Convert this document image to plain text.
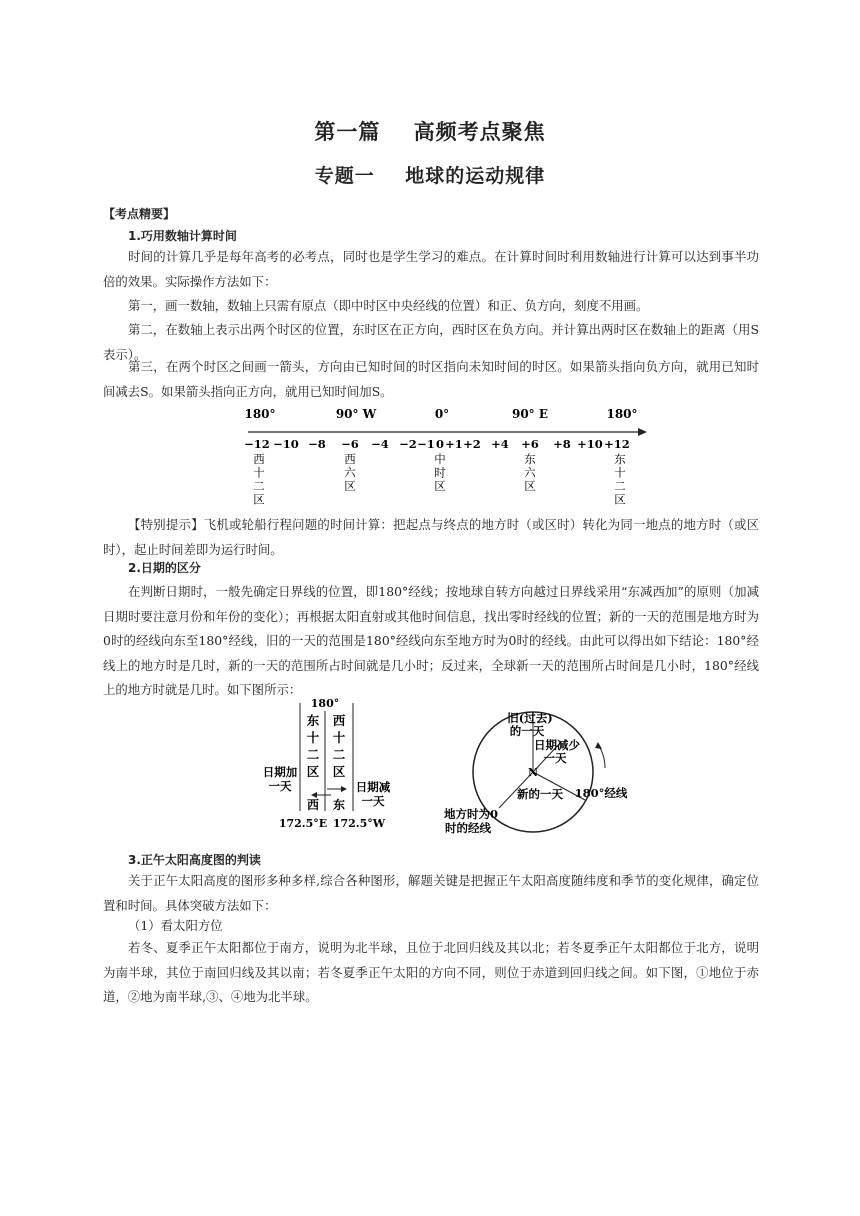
第一篇    高频考点聚焦
专题一    地球的运动规律
【考点精要】
1.巧用数轴计算时间
时间的计算几乎是每年高考的必考点，同时也是学生学习的难点。在计算时间时利用数轴进行计算可以达到事半功倍的效果。实际操作方法如下：
第一，画一数轴，数轴上只需有原点（即中时区中央经线的位置）和正、负方向，刻度不用画。
第二，在数轴上表示出两个时区的位置，东时区在正方向，西时区在负方向。并计算出两时区在数轴上的距离（用S表示）。
第三，在两个时区之间画一箭头，方向由已知时间的时区指向未知时间的时区。如果箭头指向负方向，就用已知时间减去S。如果箭头指向正方向，就用已知时间加S。
180°	90° W	0°	90° E	180°
−12 −10 −8 −6 −4 −2 −1 0 +1 +2 +4 +6 +8 +10 +12
西
十
二
区
西
六
区
中
时
区
东
六
区
东
十
二
区
【特别提示】飞机或轮船行程问题的时间计算：把起点与终点的地方时（或区时）转化为同一地点的地方时（或区时），起止时间差即为运行时间。
2.日期的区分
在判断日期时，一般先确定日界线的位置，即180°经线；按地球自转方向越过日界线采用“东减西加”的原则（加减日期时要注意月份和年份的变化）；再根据太阳直射或其他时间信息，找出零时经线的位置；新的一天的范围是地方时为0时的经线向东至180°经线，旧的一天的范围是180°经线向东至地方时为0时的经线。由此可以得出如下结论：180°经线上的地方时是几时，新的一天的范围所占时间就是几小时；反过来，全球新一天的范围所占时间是几小时，180°经线上的地方时就是几时。如下图所示：
180°
东
十
二
区
西
十
二
区
日期加
一天	日期减
一天
西 东
172.5°E 172.5°W
N
旧(过去)
的一天
日期减少
一天
新的一天
地方时为0
时的经线
180°经线
3.正午太阳高度图的判读
关于正午太阳高度的图形多种多样,综合各种图形，解题关键是把握正午太阳高度随纬度和季节的变化规律，确定位置和时间。具体突破方法如下：
（1）看太阳方位
若冬、夏季正午太阳都位于南方，说明为北半球，且位于北回归线及其以北；若冬夏季正午太阳都位于北方，说明为南半球，其位于南回归线及其以南；若冬夏季正午太阳的方向不同，则位于赤道到回归线之间。如下图，①地位于赤道，②地为南半球,③、④地为北半球。
